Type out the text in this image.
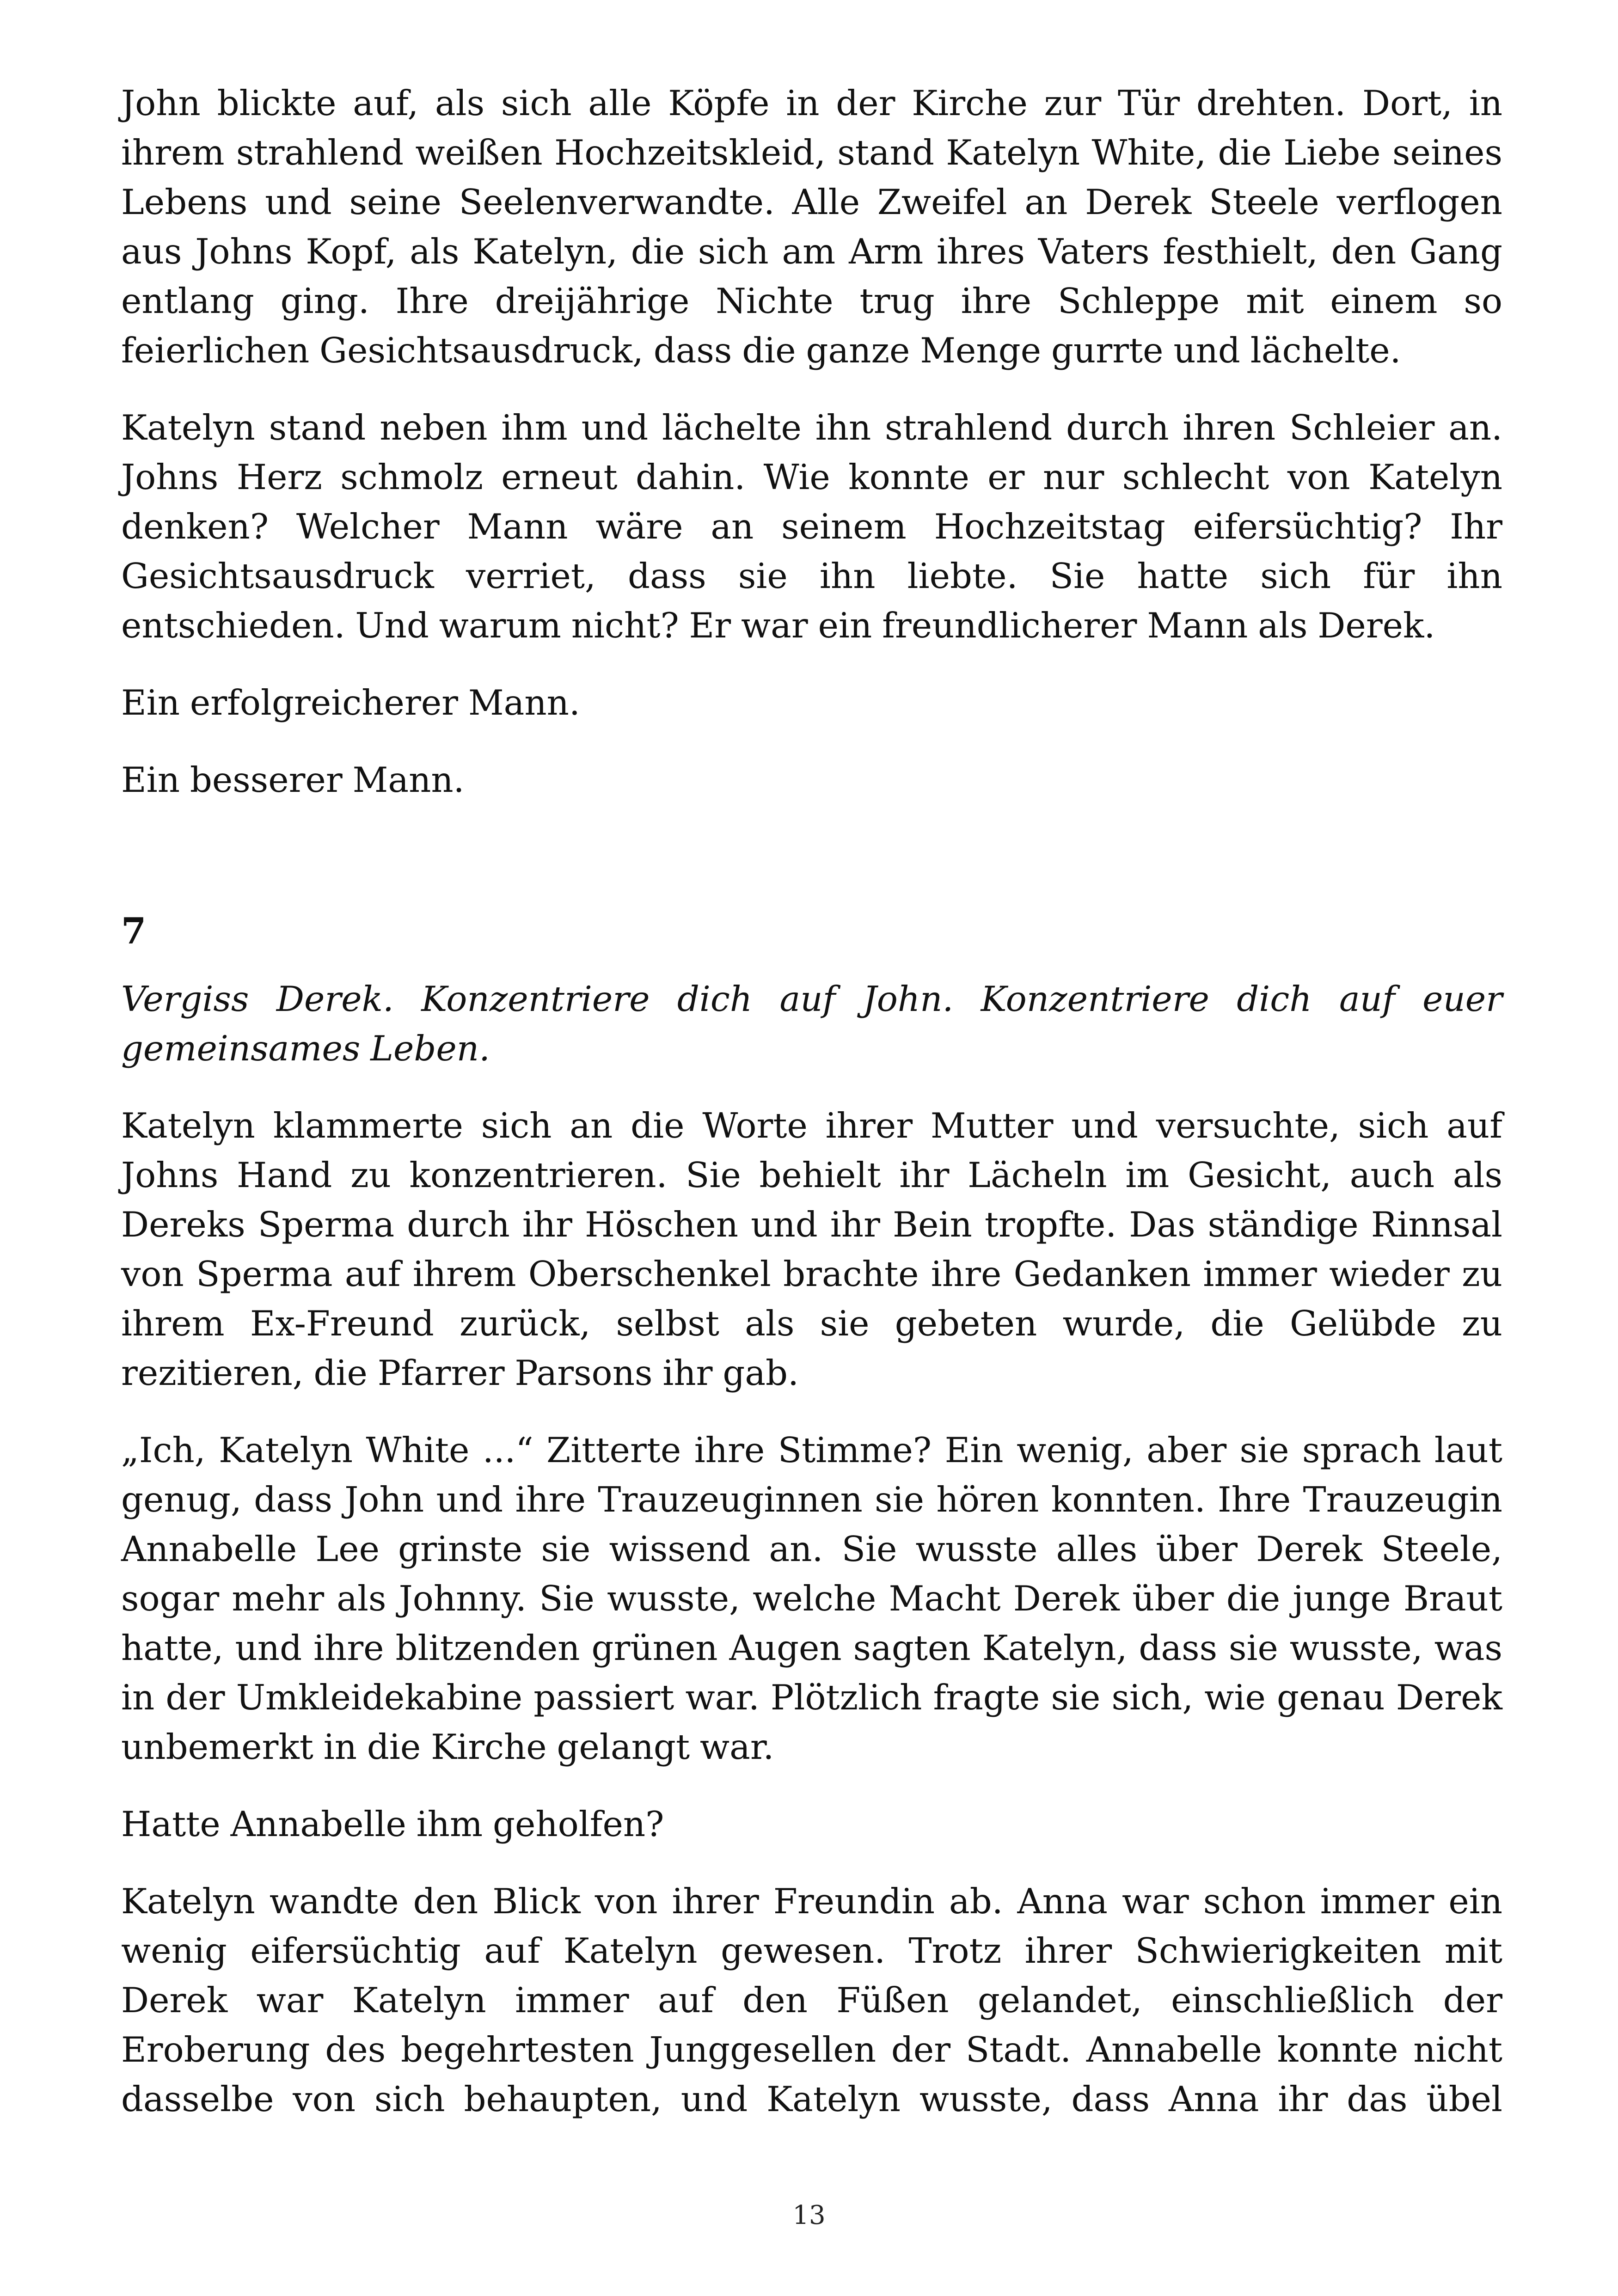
John blickte auf, als sich alle Köpfe in der Kirche zur Tür drehten. Dort, in ihrem strahlend weißen Hochzeitskleid, stand Katelyn White, die Liebe seines Lebens und seine Seelenverwandte. Alle Zweifel an Derek Steele verflogen aus Johns Kopf, als Katelyn, die sich am Arm ihres Vaters festhielt, den Gang entlang ging. Ihre dreijährige Nichte trug ihre Schleppe mit einem so feierlichen Gesichtsausdruck, dass die ganze Menge gurrte und lächelte.

Katelyn stand neben ihm und lächelte ihn strahlend durch ihren Schleier an. Johns Herz schmolz erneut dahin. Wie konnte er nur schlecht von Katelyn denken? Welcher Mann wäre an seinem Hochzeitstag eifersüchtig? Ihr Gesichtsausdruck verriet, dass sie ihn liebte. Sie hatte sich für ihn entschieden. Und warum nicht? Er war ein freundlicherer Mann als Derek.

Ein erfolgreicherer Mann.

Ein besserer Mann.

7

Vergiss Derek. Konzentriere dich auf John. Konzentriere dich auf euer gemeinsames Leben.

Katelyn klammerte sich an die Worte ihrer Mutter und versuchte, sich auf Johns Hand zu konzentrieren. Sie behielt ihr Lächeln im Gesicht, auch als Dereks Sperma durch ihr Höschen und ihr Bein tropfte. Das ständige Rinnsal von Sperma auf ihrem Oberschenkel brachte ihre Gedanken immer wieder zu ihrem Ex-Freund zurück, selbst als sie gebeten wurde, die Gelübde zu rezitieren, die Pfarrer Parsons ihr gab.

„Ich, Katelyn White ...“ Zitterte ihre Stimme? Ein wenig, aber sie sprach laut genug, dass John und ihre Trauzeuginnen sie hören konnten. Ihre Trauzeugin Annabelle Lee grinste sie wissend an. Sie wusste alles über Derek Steele, sogar mehr als Johnny. Sie wusste, welche Macht Derek über die junge Braut hatte, und ihre blitzenden grünen Augen sagten Katelyn, dass sie wusste, was in der Umkleidekabine passiert war. Plötzlich fragte sie sich, wie genau Derek unbemerkt in die Kirche gelangt war.

Hatte Annabelle ihm geholfen?

Katelyn wandte den Blick von ihrer Freundin ab. Anna war schon immer ein wenig eifersüchtig auf Katelyn gewesen. Trotz ihrer Schwierigkeiten mit Derek war Katelyn immer auf den Füßen gelandet, einschließlich der Eroberung des begehrtesten Junggesellen der Stadt. Annabelle konnte nicht dasselbe von sich behaupten, und Katelyn wusste, dass Anna ihr das übel

13
